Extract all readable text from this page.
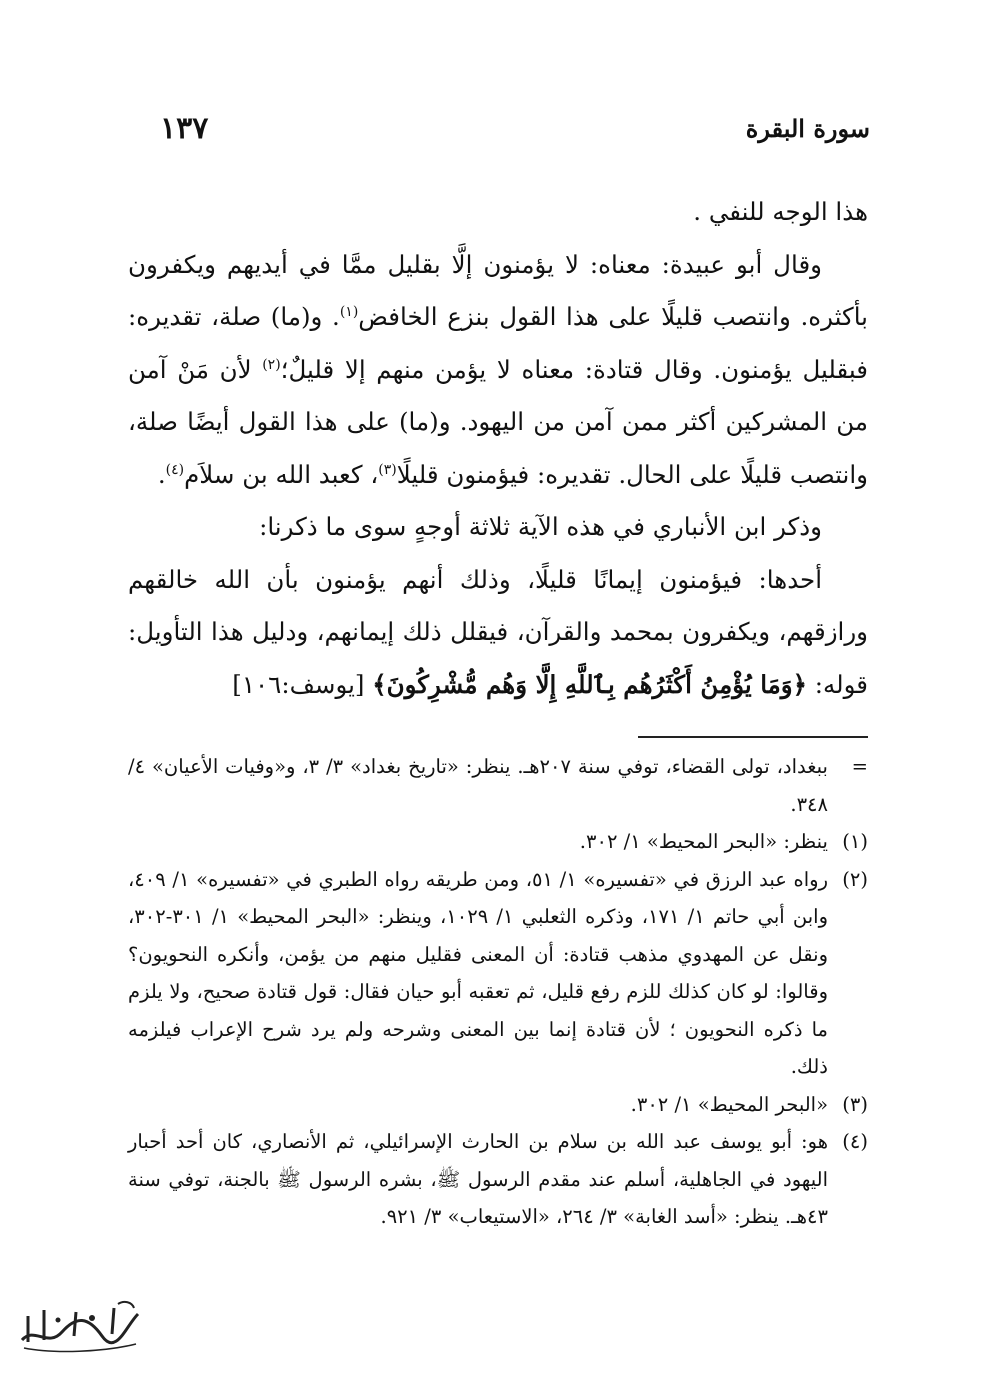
سورة البقرة
١٣٧

هذا الوجه للنفي .

وقال أبو عبيدة: معناه: لا يؤمنون إلَّا بقليل ممَّا في أيديهم ويكفرون بأكثره. وانتصب قليلًا على هذا القول بنزع الخافض$^{(١)}$. و(ما) صلة، تقديره: فبقليل يؤمنون. وقال قتادة: معناه لا يؤمن منهم إلا قليلٌ؛$^{(٢)}$ لأن مَنْ آمن من المشركين أكثر ممن آمن من اليهود. و(ما) على هذا القول أيضًا صلة، وانتصب قليلًا على الحال. تقديره: فيؤمنون قليلًا$^{(٣)}$، كعبد الله بن سلاَم$^{(٤)}$.

وذكر ابن الأنباري في هذه الآية ثلاثة أوجهٍ سوى ما ذكرنا:

أحدها: فيؤمنون إيمانًا قليلًا، وذلك أنهم يؤمنون بأن الله خالقهم ورازقهم، ويكفرون بمحمد والقرآن، فيقلل ذلك إيمانهم، ودليل هذا التأويل: قوله: ﴿وَمَا يُؤْمِنُ أَكْثَرُهُم بِٱللَّهِ إِلَّا وَهُم مُّشْرِكُونَ﴾ [يوسف:١٠٦]

=
ببغداد، تولى القضاء، توفي سنة ٢٠٧هـ. ينظر: «تاريخ بغداد» ٣/ ٣، و«وفيات الأعيان» ٤/ ٣٤٨.
(١)
ينظر: «البحر المحيط» ١/ ٣٠٢.
(٢)
رواه عبد الرزق في «تفسيره» ١/ ٥١، ومن طريقه رواه الطبري في «تفسيره» ١/ ٤٠٩، وابن أبي حاتم ١/ ١٧١، وذكره الثعلبي ١/ ١٠٢٩، وينظر: «البحر المحيط» ١/ ٣٠١-٣٠٢، ونقل عن المهدوي مذهب قتادة: أن المعنى فقليل منهم من يؤمن، وأنكره النحويون؟ وقالوا: لو كان كذلك للزم رفع قليل، ثم تعقبه أبو حيان فقال: قول قتادة صحيح، ولا يلزم ما ذكره النحويون ؛ لأن قتادة إنما بين المعنى وشرحه ولم يرد شرح الإعراب فيلزمه ذلك.
(٣)
«البحر المحيط» ١/ ٣٠٢.
(٤)
هو: أبو يوسف عبد الله بن سلام بن الحارث الإسرائيلي، ثم الأنصاري، كان أحد أحبار اليهود في الجاهلية، أسلم عند مقدم الرسول ﷺ، بشره الرسول ﷺ بالجنة، توفي سنة ٤٣هـ. ينظر: «أسد الغابة» ٣/ ٢٦٤، «الاستيعاب» ٣/ ٩٢١.
